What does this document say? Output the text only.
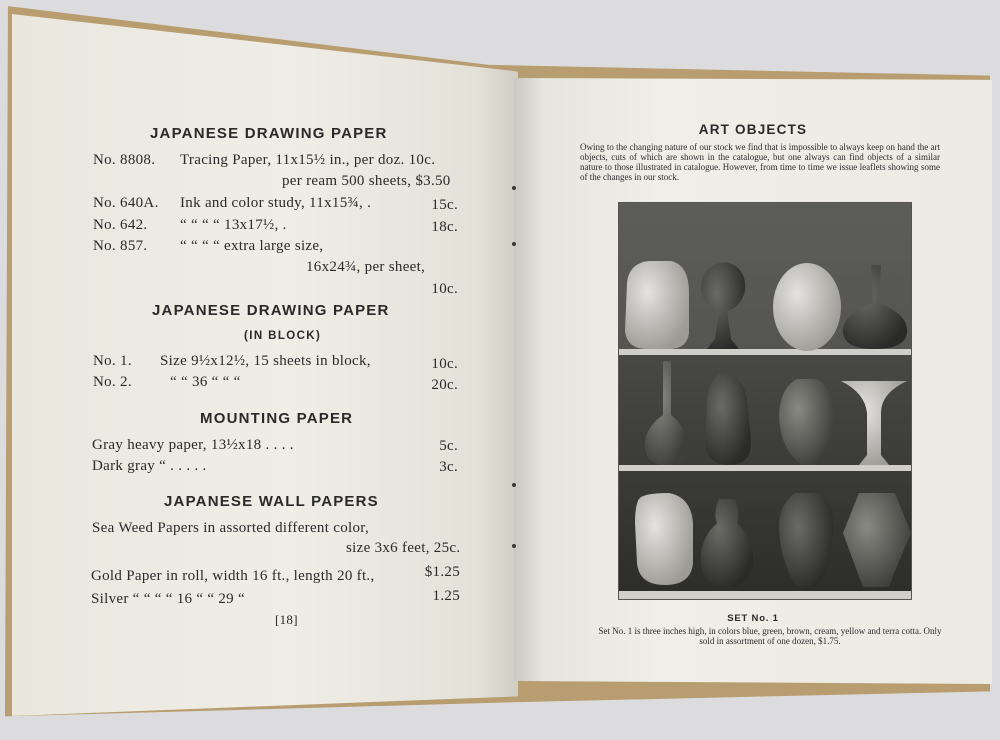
JAPANESE DRAWING PAPER
No. 8808. Tracing Paper, 11x15½ in., per doz. 10c.
per ream 500 sheets, $3.50
No. 640A. Ink and color study, 11x15¾, .	15c.
No. 642. “ “ “ “ 13x17½, .	18c.
No. 857. “ “ “ “ extra large size,
16x24¾, per sheet,
10c.
JAPANESE DRAWING PAPER
(IN BLOCK)
No. 1. Size 9½x12½, 15 sheets in block,	10c.
No. 2.	“ “ 36 “ “ “	20c.
MOUNTING PAPER
Gray heavy paper, 13½x18 . . . .	5c.
Dark gray “ . . . . .	3c.
JAPANESE WALL PAPERS
Sea Weed Papers in assorted different color,
size 3x6 feet, 25c.
Gold Paper in roll, width 16 ft., length 20 ft.,	$1.25
Silver “ “ “ “ 16 “ “ 29 “	1.25
[18]
ART OBJECTS
Owing to the changing nature of our stock we find that is impossible to always keep on hand the art objects, cuts of which are shown in the catalogue, but one always can find objects of a similar nature to those illustrated in catalogue. However, from time to time we issue leaflets showing some of the changes in our stock.
SET No. 1
Set No. 1 is three inches high, in colors blue, green, brown, cream, yellow and terra cotta. Only sold in assortment of one dozen, $1.75.
